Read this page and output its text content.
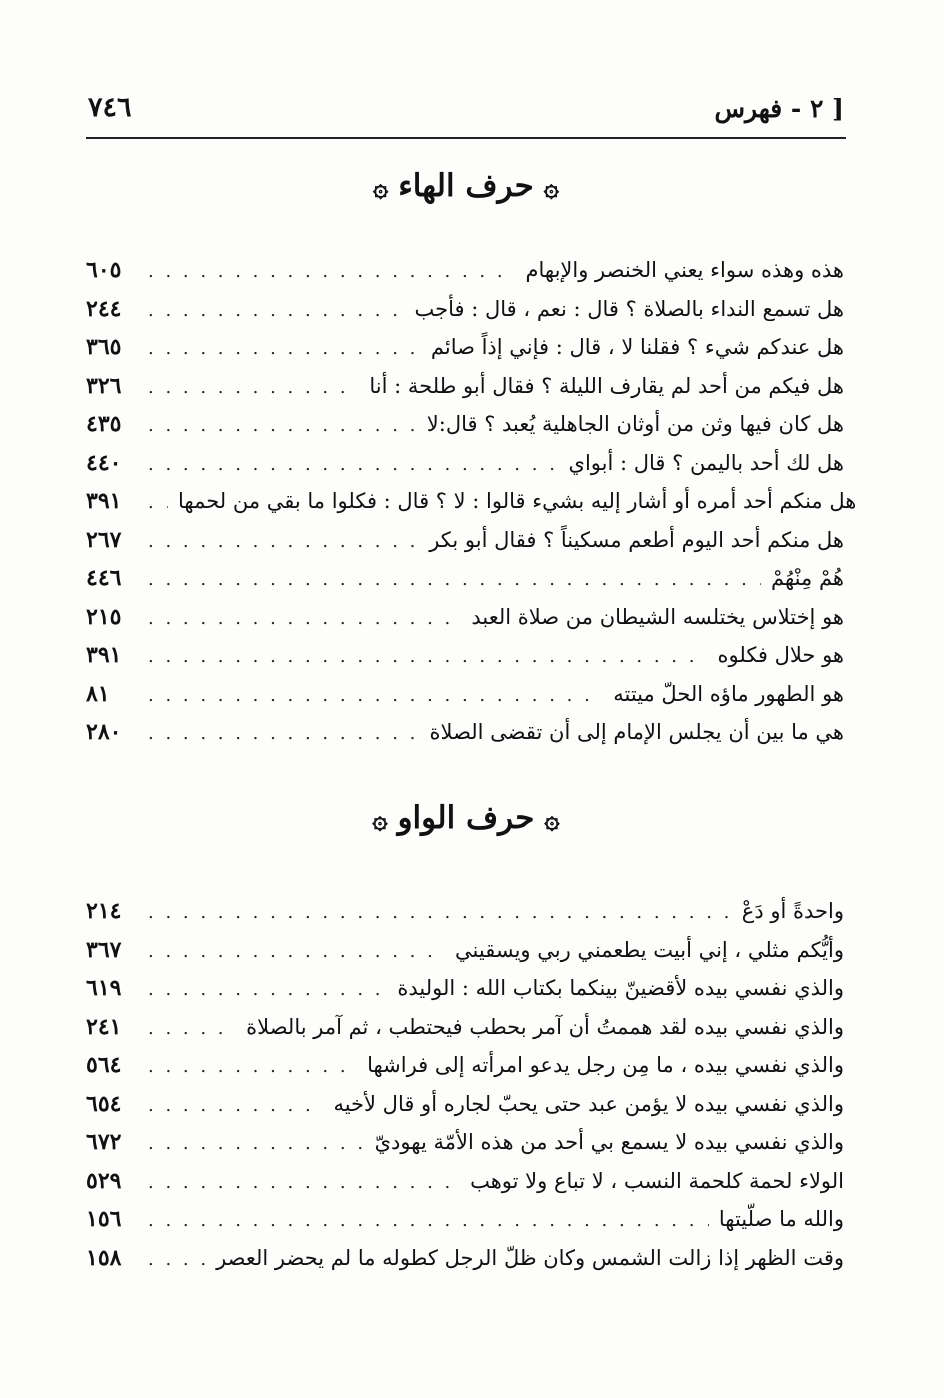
٧٤٦	[ ٢ - فهرس
۞حرف الهاء۞
٦٠٥ . . .	هذه وهذه سواء يعني الخنصر والإبهام
٢٤٤ . . .	هل تسمع النداء بالصلاة ؟ قال : نعم ، قال : فأجب
٣٦٥ . . .	هل عندكم شيء ؟ فقلنا لا ، قال : فإني إذاً صائم
٣٢٦ . . .	هل فيكم من أحد لم يقارف الليلة ؟ فقال أبو طلحة : أنا
٤٣٥ . . .	هل كان فيها وثن من أوثان الجاهلية يُعبد ؟ قال:لا
٤٤٠ . . .	هل لك أحد باليمن ؟ قال : أبواي
٣٩١ . . .	هل منكم أحد أمره أو أشار إليه بشيء قالوا : لا ؟ قال : فكلوا ما بقي من لحمها
٢٦٧ . . .	هل منكم أحد اليوم أطعم مسكيناً ؟ فقال أبو بكر
٤٤٦ . . .	هُمْ مِنْهُمْ
٢١٥ . . .	هو إختلاس يختلسه الشيطان من صلاة العبد
٣٩١ . . .	هو حلال فكلوه
٨١ . . .	هو الطهور ماؤه الحلّ ميتته
٢٨٠ . . .	هي ما بين أن يجلس الإمام إلى أن تقضى الصلاة
۞حرف الواو۞
٢١٤ . . .	واحدةً أو دَعْ
٣٦٧ . . .	وأيُّكم مثلي ، إني أبيت يطعمني ربي ويسقيني
٦١٩ . . .	والذي نفسي بيده لأقضينّ بينكما بكتاب الله : الوليدة
٢٤١ . . .	والذي نفسي بيده لقد هممتُ أن آمر بحطب فيحتطب ، ثم آمر بالصلاة
٥٦٤ . . .	والذي نفسي بيده ، ما مِن رجل يدعو امرأته إلى فراشها
٦٥٤ . . .	والذي نفسي بيده لا يؤمن عبد حتى يحبّ لجاره أو قال لأخيه
٦٧٢ . . .	والذي نفسي بيده لا يسمع بي أحد من هذه الأمّة يهوديّ
٥٢٩ . . .	الولاء لحمة كلحمة النسب ، لا تباع ولا توهب
١٥٦ . . .	والله ما صلّيتها
١٥٨ . . .	وقت الظهر إذا زالت الشمس وكان ظلّ الرجل كطوله ما لم يحضر العصر
